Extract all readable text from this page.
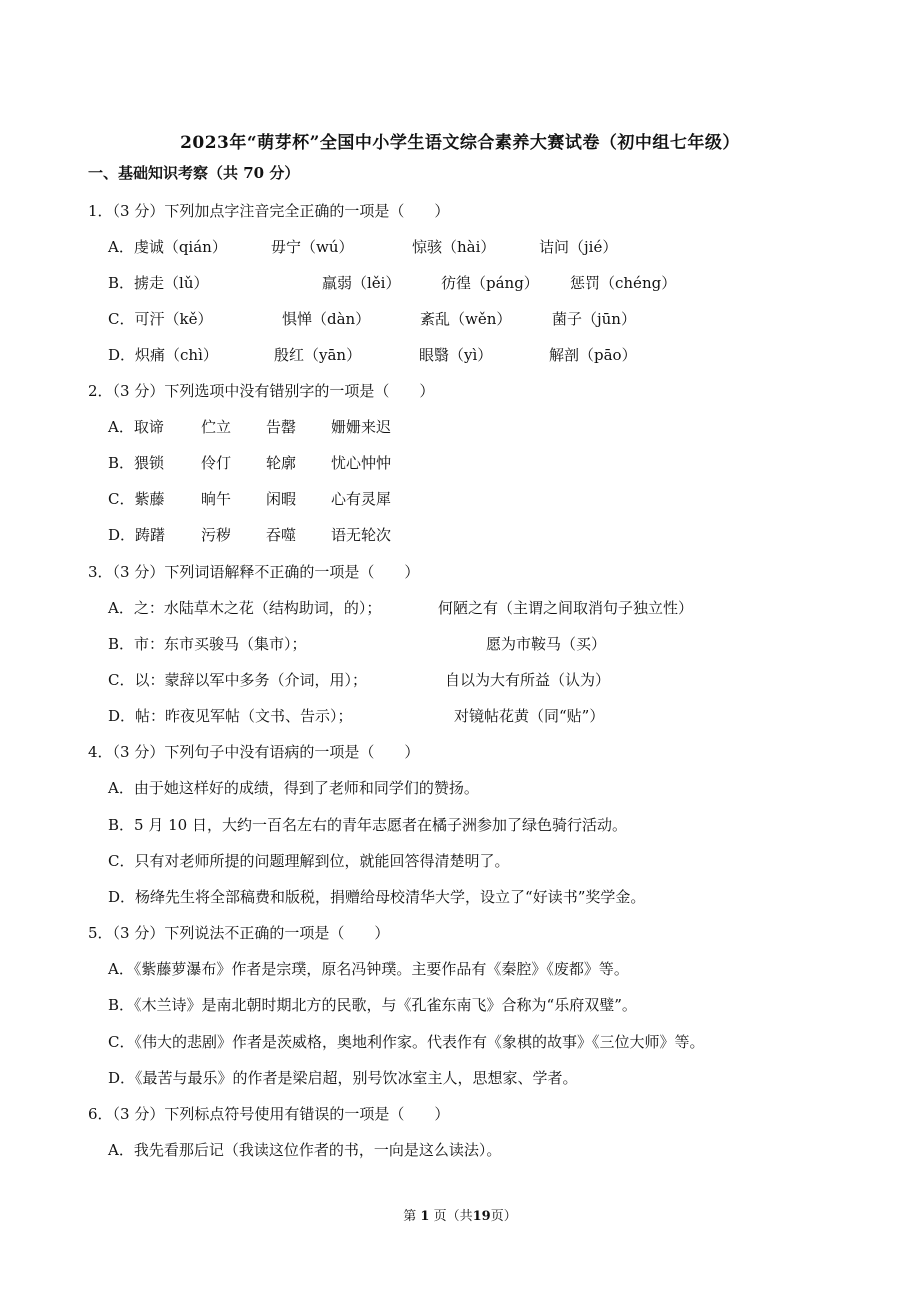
2023年“萌芽杯”全国中小学生语文综合素养大赛试卷（初中组七年级）
一、基础知识考察（共 70 分）
1．（3 分）下列加点字注音完全正确的一项是（　　）
A．虔诚（qián）	毋宁（wú）	惊骇（hài）	诘问（jié）
B．掳走（lǔ）	羸弱（lěi）	彷徨（páng） 惩罚（chéng）
C．可汗（kě）	惧惮（dàn）	紊乱（wěn）	菌子（jūn）
D．炽痛（chì）	殷红（yān）	眼翳（yì）	解剖（pāo）
2．（3 分）下列选项中没有错别字的一项是（　　）
A．取谛 伫立 告罄 姗姗来迟
B．猥锁 伶仃 轮廓 忧心忡忡
C．紫藤 晌午 闲暇 心有灵犀
D．踌躇 污秽 吞噬 语无轮次
3．（3 分）下列词语解释不正确的一项是（　　）
A．之：水陆草木之花（结构助词，的）；	何陋之有（主谓之间取消句子独立性）
B．市：东市买骏马（集市）；	愿为市鞍马（买）
C．以：蒙辞以军中多务（介词，用）；	自以为大有所益（认为）
D．帖：昨夜见军帖（文书、告示）；	对镜帖花黄（同“贴”）
4．（3 分）下列句子中没有语病的一项是（　　）
A．由于她这样好的成绩，得到了老师和同学们的赞扬。
B．5 月 10 日，大约一百名左右的青年志愿者在橘子洲参加了绿色骑行活动。
C．只有对老师所提的问题理解到位，就能回答得清楚明了。
D．杨绛先生将全部稿费和版税，捐赠给母校清华大学，设立了“好读书”奖学金。
5．（3 分）下列说法不正确的一项是（　　）
A．《紫藤萝瀑布》作者是宗璞，原名冯钟璞。主要作品有《秦腔》《废都》等。
B．《木兰诗》是南北朝时期北方的民歌，与《孔雀东南飞》合称为“乐府双璧”。
C．《伟大的悲剧》作者是茨威格，奥地利作家。代表作有《象棋的故事》《三位大师》等。
D．《最苦与最乐》的作者是梁启超，别号饮冰室主人，思想家、学者。
6．（3 分）下列标点符号使用有错误的一项是（　　）
A．我先看那后记（我读这位作者的书，一向是这么读法）。
第 1 页（共19页）
